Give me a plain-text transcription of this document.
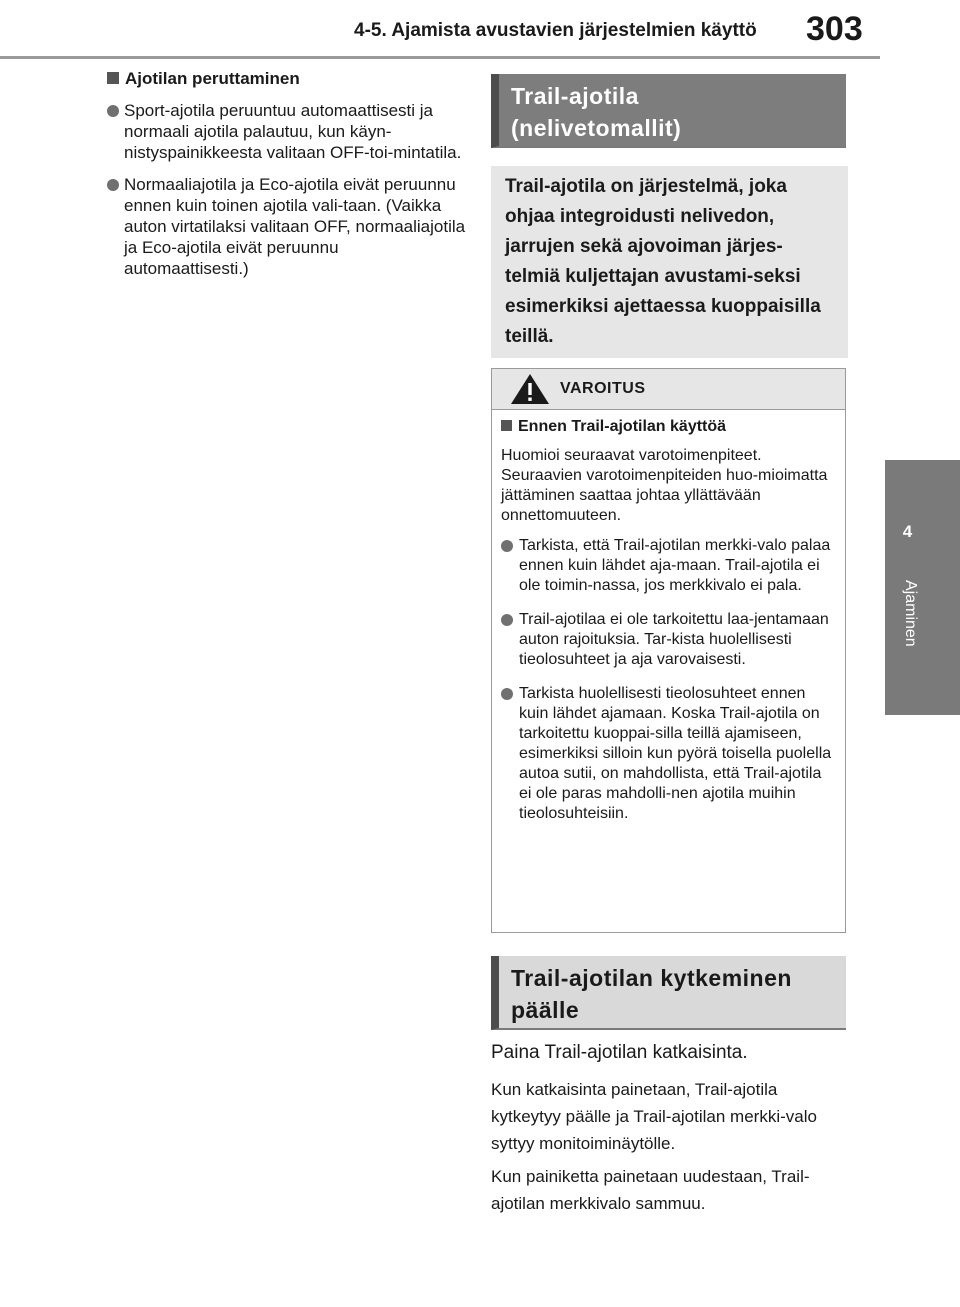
4-5. Ajamista avustavien järjestelmien käyttö 303
4
Ajaminen
Ajotilan peruttaminen
Sport-ajotila peruuntuu automaattisesti ja normaali ajotila palautuu, kun käyn-nistyspainikkeesta valitaan OFF-toi-mintatila.
Normaaliajotila ja Eco-ajotila eivät peruunnu ennen kuin toinen ajotila vali-taan. (Vaikka auton virtatilaksi valitaan OFF, normaaliajotila ja Eco-ajotila eivät peruunnu automaattisesti.)
Trail-ajotila
(nelivetomallit)
Trail-ajotila on järjestelmä, joka ohjaa integroidusti nelivedon, jarrujen sekä ajovoiman järjes-telmiä kuljettajan avustami-seksi esimerkiksi ajettaessa kuoppaisilla teillä.
VAROITUS
Ennen Trail-ajotilan käyttöä

Huomioi seuraavat varotoimenpiteet. Seuraavien varotoimenpiteiden huo-mioimatta jättäminen saattaa johtaa yllättävään onnettomuuteen.

Tarkista, että Trail-ajotilan merkki-valo palaa ennen kuin lähdet aja-maan. Trail-ajotila ei ole toimin-nassa, jos merkkivalo ei pala.
Trail-ajotilaa ei ole tarkoitettu laa-jentamaan auton rajoituksia. Tar-kista huolellisesti tieolosuhteet ja aja varovaisesti.
Tarkista huolellisesti tieolosuhteet ennen kuin lähdet ajamaan. Koska Trail-ajotila on tarkoitettu kuoppai-silla teillä ajamiseen, esimerkiksi silloin kun pyörä toisella puolella autoa sutii, on mahdollista, että Trail-ajotila ei ole paras mahdolli-nen ajotila muihin tieolosuhteisiin.
Trail-ajotilan kytkeminen
päälle
Paina Trail-ajotilan katkaisinta.
Kun katkaisinta painetaan, Trail-ajotila kytkeytyy päälle ja Trail-ajotilan merkki-valo syttyy monitoiminäytölle.
Kun painiketta painetaan uudestaan, Trail-ajotilan merkkivalo sammuu.
